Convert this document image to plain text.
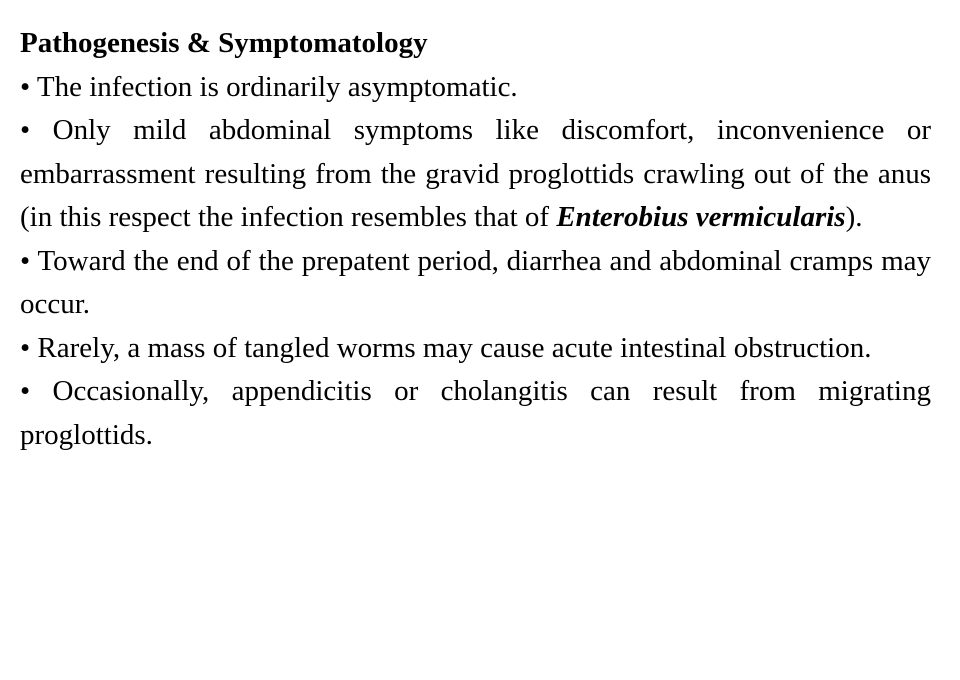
Pathogenesis & Symptomatology

• The infection is ordinarily asymptomatic.

• Only mild abdominal symptoms like discomfort, inconvenience or embarrassment resulting from the gravid proglottids crawling out of the anus (in this respect the infection resembles that of Enterobius vermicularis).

• Toward the end of the prepatent period, diarrhea and abdominal cramps may occur.

• Rarely, a mass of tangled worms may cause acute intestinal obstruction.

• Occasionally, appendicitis or cholangitis can result from migrating proglottids.
